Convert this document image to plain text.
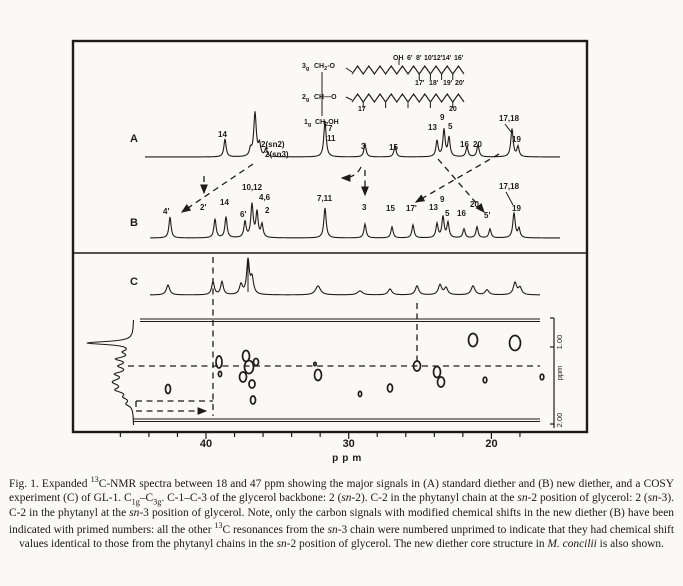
$3_g$ $CH_2-O$
OH 6' 8' 10' 12' 14' 16'
17' 18' 19' 20'
$2_g$ CH—O
17	20
$1_g$ $CH_2OH$
A
B
C
14
2(sn2)
2(sn3)
7
11
3	15
13
9
5
16 20
17,18
19
4'	2'
14
6'
10,12
4,6
2
7,11
3 15 17' 13
9
5 16
20
5'
17,18
19
40	30	20
ppm
1.00
ppm
2.00

Fig. 1. Expanded $^{13}$C-NMR spectra between 18 and 47 ppm showing the major signals in (A) standard diether and (B) new diether, and a COSY experiment (C) of GL-1. $C_{1g}-C_{3g}$. C-1–C-3 of the glycerol backbone: 2 (sn-2). C-2 in the phytanyl chain at the sn-2 position of glycerol: 2 (sn-3). C-2 in the phytanyl at the sn-3 position of glycerol. Note, only the carbon signals with modified chemical shifts in the new diether (B) have been indicated with primed numbers: all the other $^{13}$C resonances from the sn-3 chain were numbered unprimed to indicate that they had chemical shift values identical to those from the phytanyl chains in the sn-2 position of glycerol. The new diether core structure in M. concilii is also shown.
